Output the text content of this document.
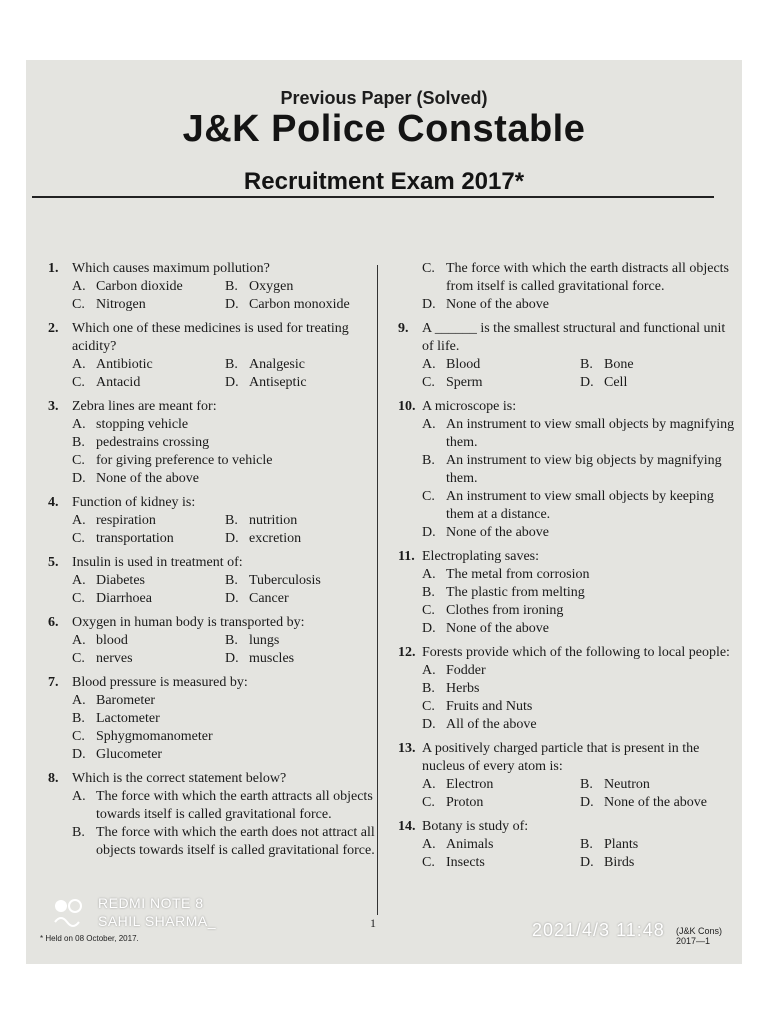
Previous Paper (Solved)
J&K Police Constable
Recruitment Exam 2017*
1. Which causes maximum pollution?
A. Carbon dioxide	B. Oxygen
C. Nitrogen	D. Carbon monoxide
2. Which one of these medicines is used for treating acidity?
A. Antibiotic	B. Analgesic
C. Antacid	D. Antiseptic
3. Zebra lines are meant for:
A. stopping vehicle
B. pedestrains crossing
C. for giving preference to vehicle
D. None of the above
4. Function of kidney is:
A. respiration	B. nutrition
C. transportation	D. excretion
5. Insulin is used in treatment of:
A. Diabetes	B. Tuberculosis
C. Diarrhoea	D. Cancer
6. Oxygen in human body is transported by:
A. blood	B. lungs
C. nerves	D. muscles
7. Blood pressure is measured by:
A. Barometer
B. Lactometer
C. Sphygmomanometer
D. Glucometer
8. Which is the correct statement below?
A. The force with which the earth attracts all objects towards itself is called gravitational force.
B. The force with which the earth does not attract all objects towards itself is called gravitational force.
C. The force with which the earth distracts all objects from itself is called gravitational force.
D. None of the above
9. A ______ is the smallest structural and functional unit of life.
A. Blood	B. Bone
C. Sperm	D. Cell
10. A microscope is:
A. An instrument to view small objects by magnifying them.
B. An instrument to view big objects by magnifying them.
C. An instrument to view small objects by keeping them at a distance.
D. None of the above
11. Electroplating saves:
A. The metal from corrosion
B. The plastic from melting
C. Clothes from ironing
D. None of the above
12. Forests provide which of the following to local people:
A. Fodder
B. Herbs
C. Fruits and Nuts
D. All of the above
13. A positively charged particle that is present in the nucleus of every atom is:
A. Electron	B. Neutron
C. Proton	D. None of the above
14. Botany is study of:
A. Animals	B. Plants
C. Insects	D. Birds
1
* Held on 08 October, 2017.
(J&K Cons) 2017—1
REDMI NOTE 8
SAHIL SHARMA_	2021/4/3 11:48
